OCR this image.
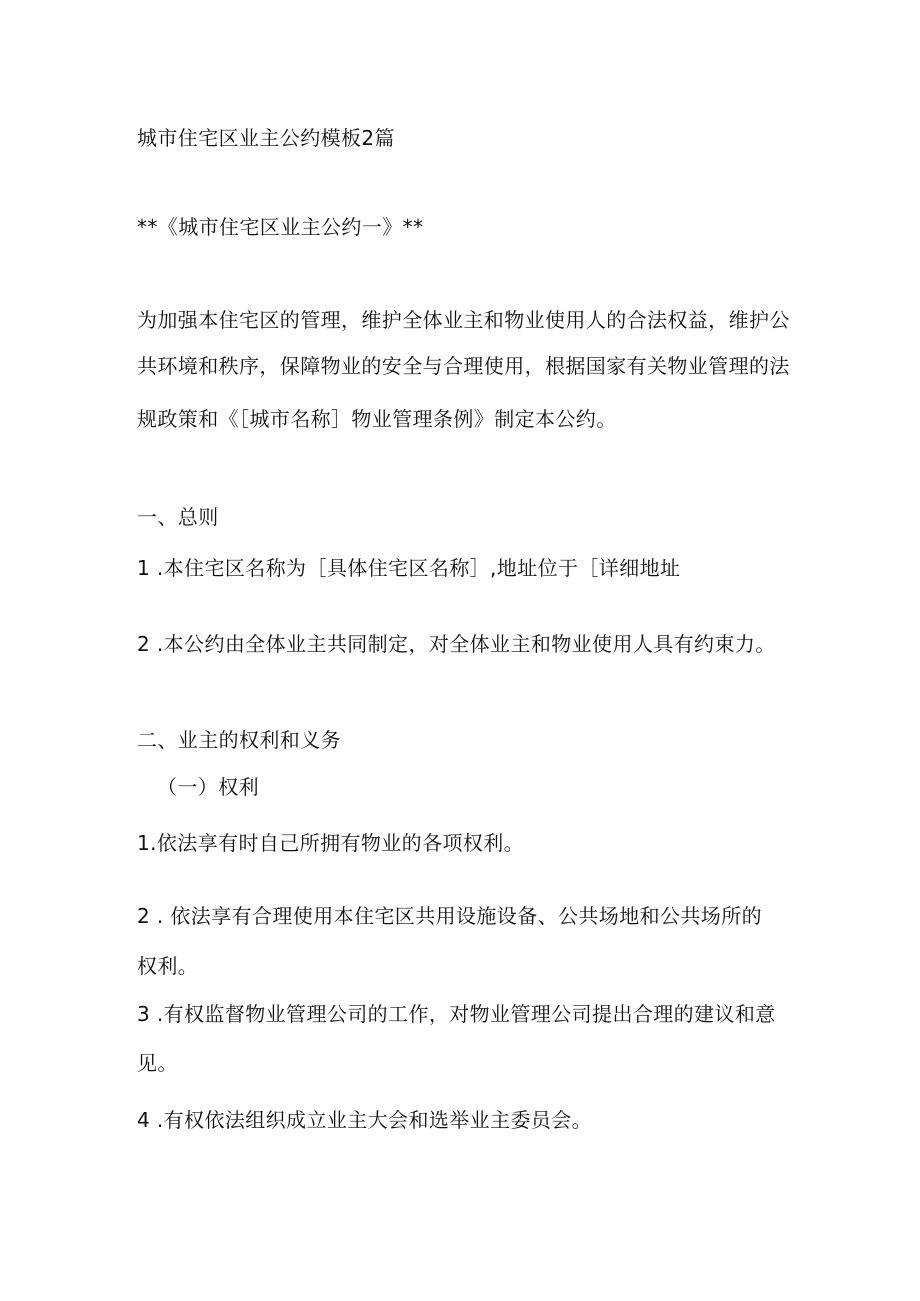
城市住宅区业主公约模板2篇
**《城市住宅区业主公约一》**
为加强本住宅区的管理，维护全体业主和物业使用人的合法权益，维护公
共环境和秩序，保障物业的安全与合理使用，根据国家有关物业管理的法
规政策和《［城市名称］物业管理条例》制定本公约。
一、总则
1 .本住宅区名称为［具体住宅区名称］,地址位于［详细地址
2 .本公约由全体业主共同制定，对全体业主和物业使用人具有约束力。
二、业主的权利和义务
（一）权利
1.依法享有时自己所拥有物业的各项权利。
2 . 依法享有合理使用本住宅区共用设施设备、公共场地和公共场所的
权利。
3 .有权监督物业管理公司的工作，对物业管理公司提出合理的建议和意
见。
4 .有权依法组织成立业主大会和选举业主委员会。
